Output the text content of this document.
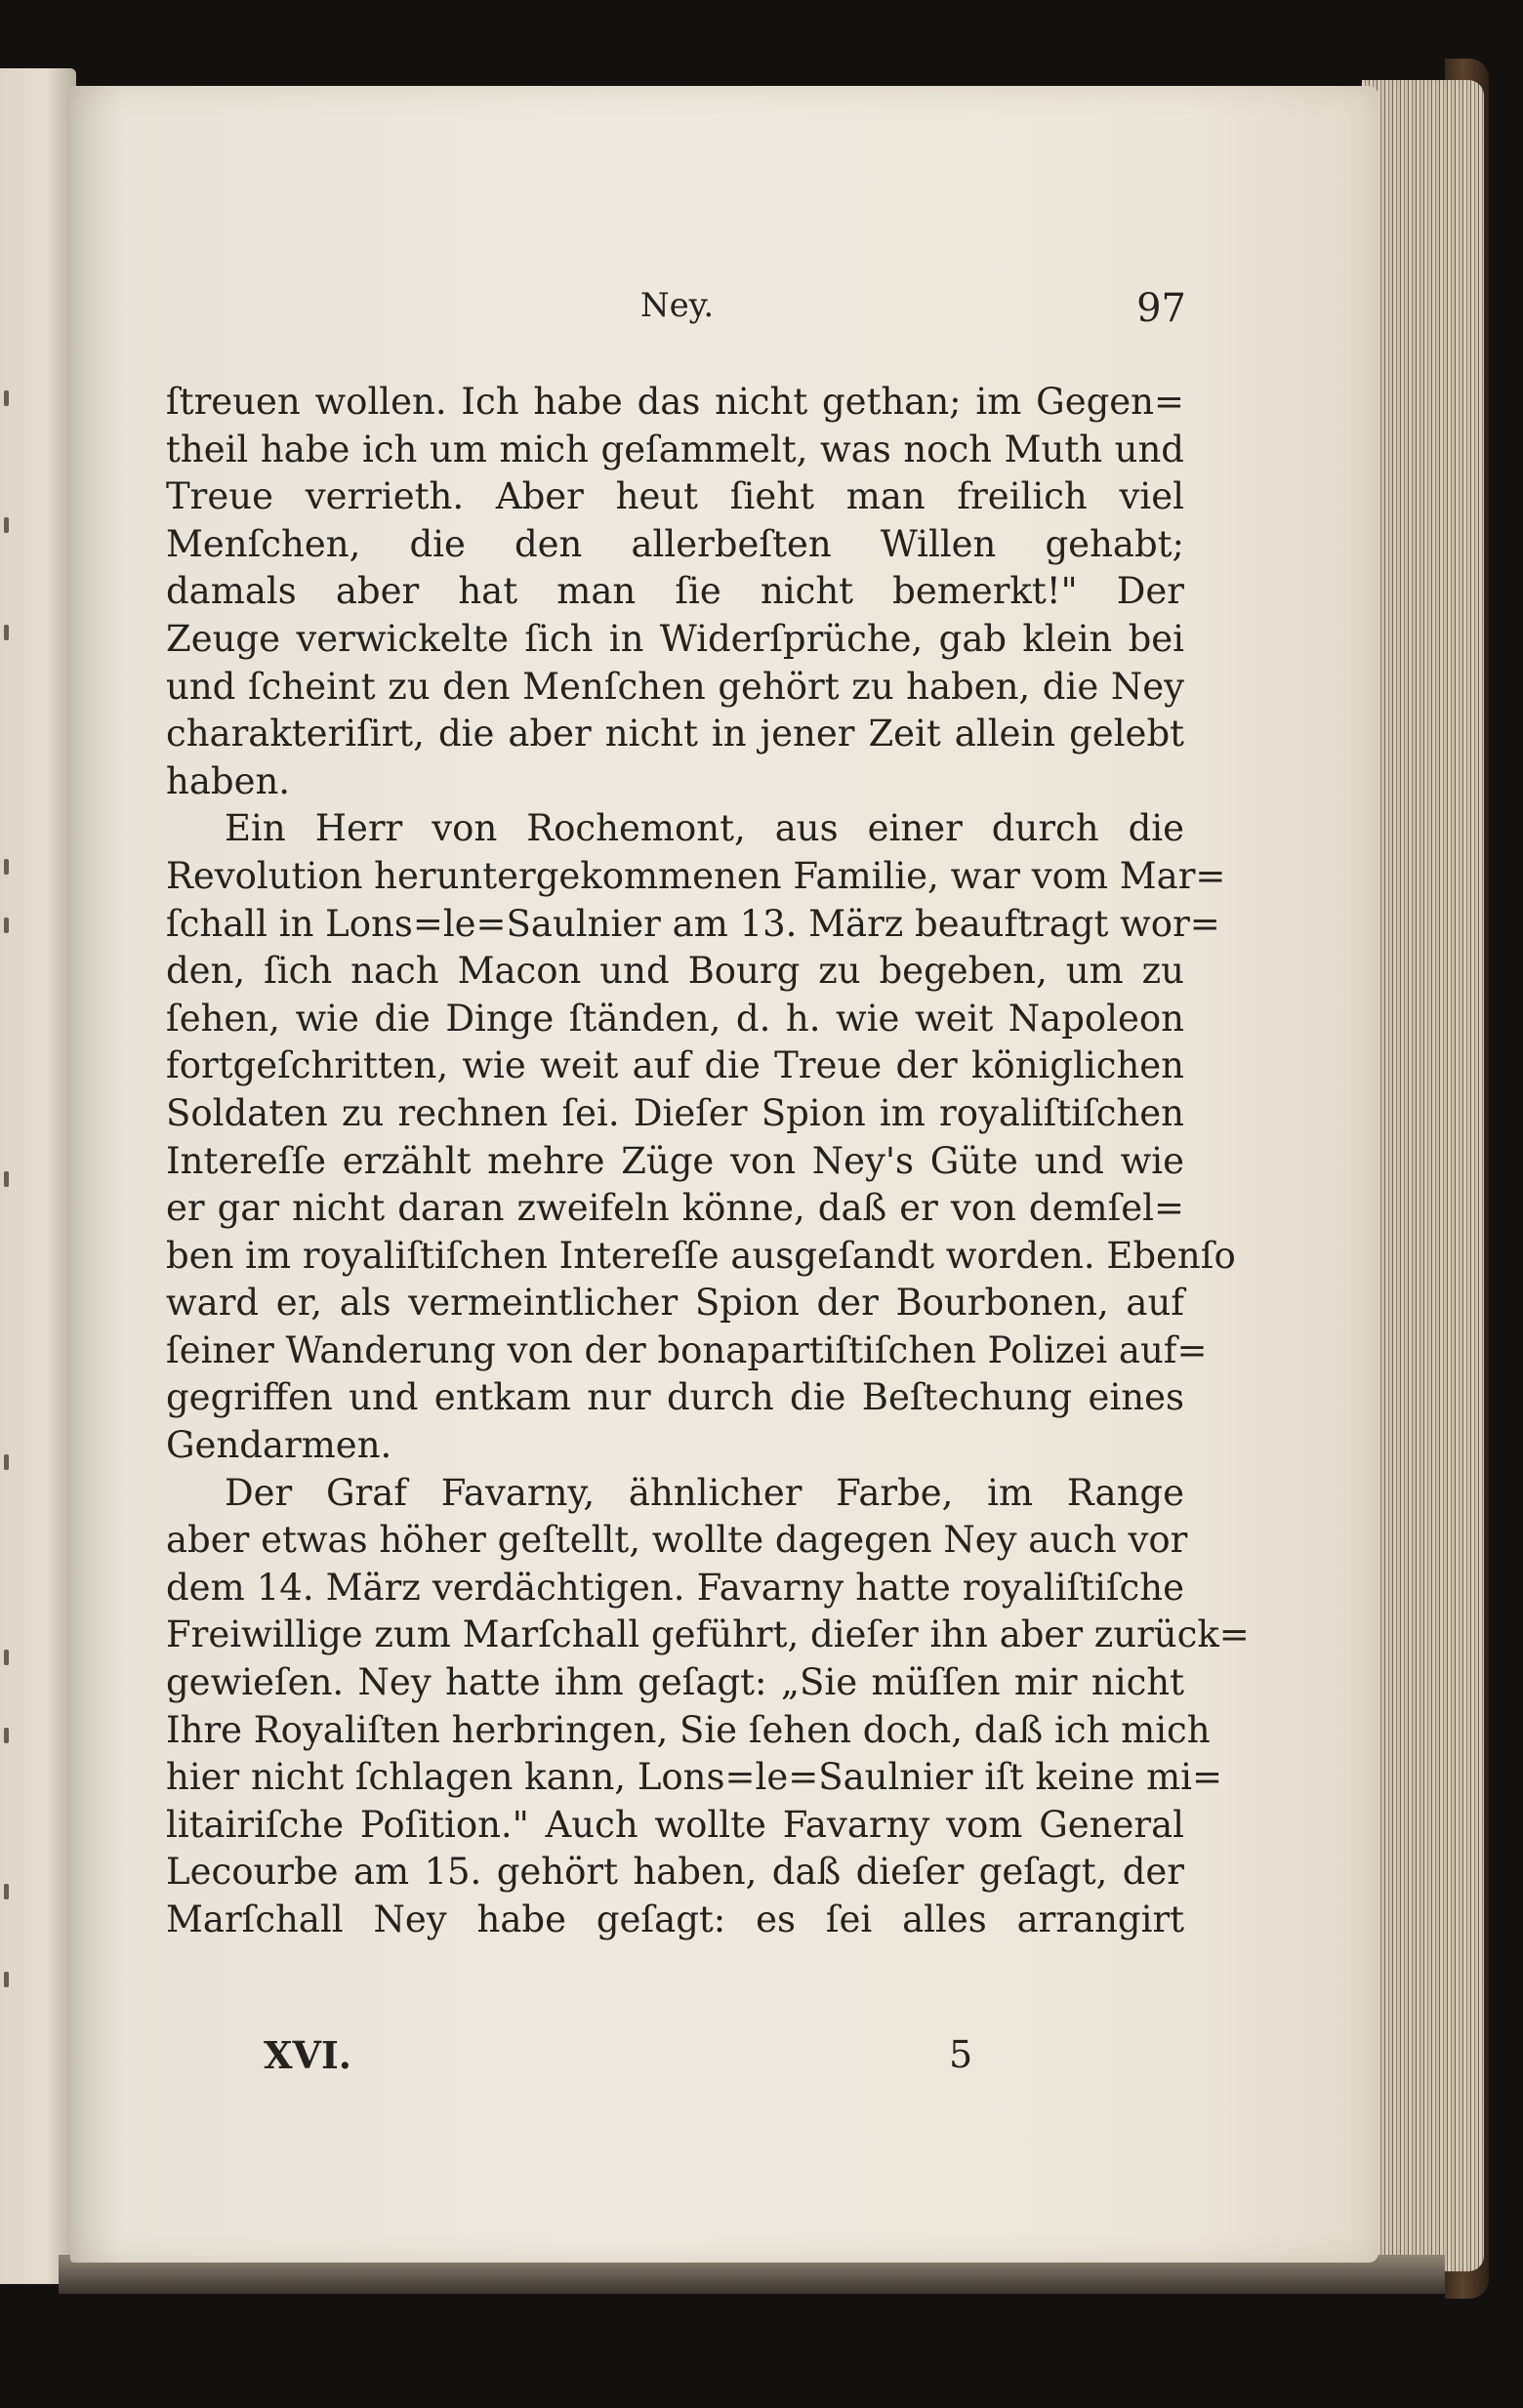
Ney.	97
ſtreuen wollen. Ich habe das nicht gethan; im Gegen=
theil habe ich um mich geſammelt, was noch Muth und
Treue verrieth. Aber heut ſieht man freilich viel
Menſchen, die den allerbeſten Willen gehabt;
damals aber hat man ſie nicht bemerkt!" Der
Zeuge verwickelte ſich in Widerſprüche, gab klein bei
und ſcheint zu den Menſchen gehört zu haben, die Ney
charakteriſirt, die aber nicht in jener Zeit allein gelebt
haben.
Ein Herr von Rochemont, aus einer durch die
Revolution heruntergekommenen Familie, war vom Mar=
ſchall in Lons=le=Saulnier am 13. März beauftragt wor=
den, ſich nach Macon und Bourg zu begeben, um zu
ſehen, wie die Dinge ſtänden, d. h. wie weit Napoleon
fortgeſchritten, wie weit auf die Treue der königlichen
Soldaten zu rechnen ſei. Dieſer Spion im royaliſtiſchen
Intereſſe erzählt mehre Züge von Ney's Güte und wie
er gar nicht daran zweifeln könne, daß er von demſel=
ben im royaliſtiſchen Intereſſe ausgeſandt worden. Ebenſo
ward er, als vermeintlicher Spion der Bourbonen, auf
ſeiner Wanderung von der bonapartiſtiſchen Polizei auf=
gegriffen und entkam nur durch die Beſtechung eines
Gendarmen.
Der Graf Favarny, ähnlicher Farbe, im Range
aber etwas höher geſtellt, wollte dagegen Ney auch vor
dem 14. März verdächtigen. Favarny hatte royaliſtiſche
Freiwillige zum Marſchall geführt, dieſer ihn aber zurück=
gewieſen. Ney hatte ihm geſagt: „Sie müſſen mir nicht
Ihre Royaliſten herbringen, Sie ſehen doch, daß ich mich
hier nicht ſchlagen kann, Lons=le=Saulnier iſt keine mi=
litairiſche Poſition." Auch wollte Favarny vom General
Lecourbe am 15. gehört haben, daß dieſer geſagt, der
Marſchall Ney habe geſagt: es ſei alles arrangirt
XVI.	5
